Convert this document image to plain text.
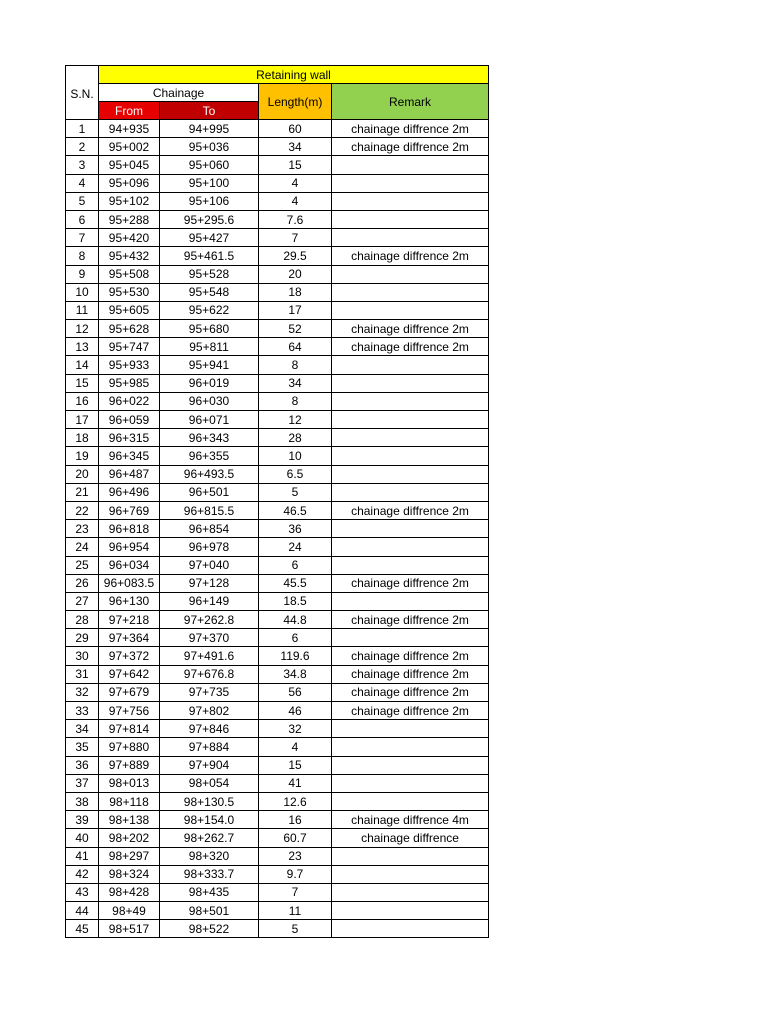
S.N.	Retaining wall			
	Chainage		Length(m)	Remark
	From	To		
1	94+935	94+995	60	chainage diffrence 2m
2	95+002	95+036	34	chainage diffrence 2m
3	95+045	95+060	15	
4	95+096	95+100	4	
5	95+102	95+106	4	
6	95+288	95+295.6	7.6	
7	95+420	95+427	7	
8	95+432	95+461.5	29.5	chainage diffrence 2m
9	95+508	95+528	20	
10	95+530	95+548	18	
11	95+605	95+622	17	
12	95+628	95+680	52	chainage diffrence 2m
13	95+747	95+811	64	chainage diffrence 2m
14	95+933	95+941	8	
15	95+985	96+019	34	
16	96+022	96+030	8	
17	96+059	96+071	12	
18	96+315	96+343	28	
19	96+345	96+355	10	
20	96+487	96+493.5	6.5	
21	96+496	96+501	5	
22	96+769	96+815.5	46.5	chainage diffrence 2m
23	96+818	96+854	36	
24	96+954	96+978	24	
25	96+034	97+040	6	
26	96+083.5	97+128	45.5	chainage diffrence 2m
27	96+130	96+149	18.5	
28	97+218	97+262.8	44.8	chainage diffrence 2m
29	97+364	97+370	6	
30	97+372	97+491.6	119.6	chainage diffrence 2m
31	97+642	97+676.8	34.8	chainage diffrence 2m
32	97+679	97+735	56	chainage diffrence 2m
33	97+756	97+802	46	chainage diffrence 2m
34	97+814	97+846	32	
35	97+880	97+884	4	
36	97+889	97+904	15	
37	98+013	98+054	41	
38	98+118	98+130.5	12.6	
39	98+138	98+154.0	16	chainage diffrence 4m
40	98+202	98+262.7	60.7	chainage diffrence
41	98+297	98+320	23	
42	98+324	98+333.7	9.7	
43	98+428	98+435	7	
44	98+49	98+501	11	
45	98+517	98+522	5	
